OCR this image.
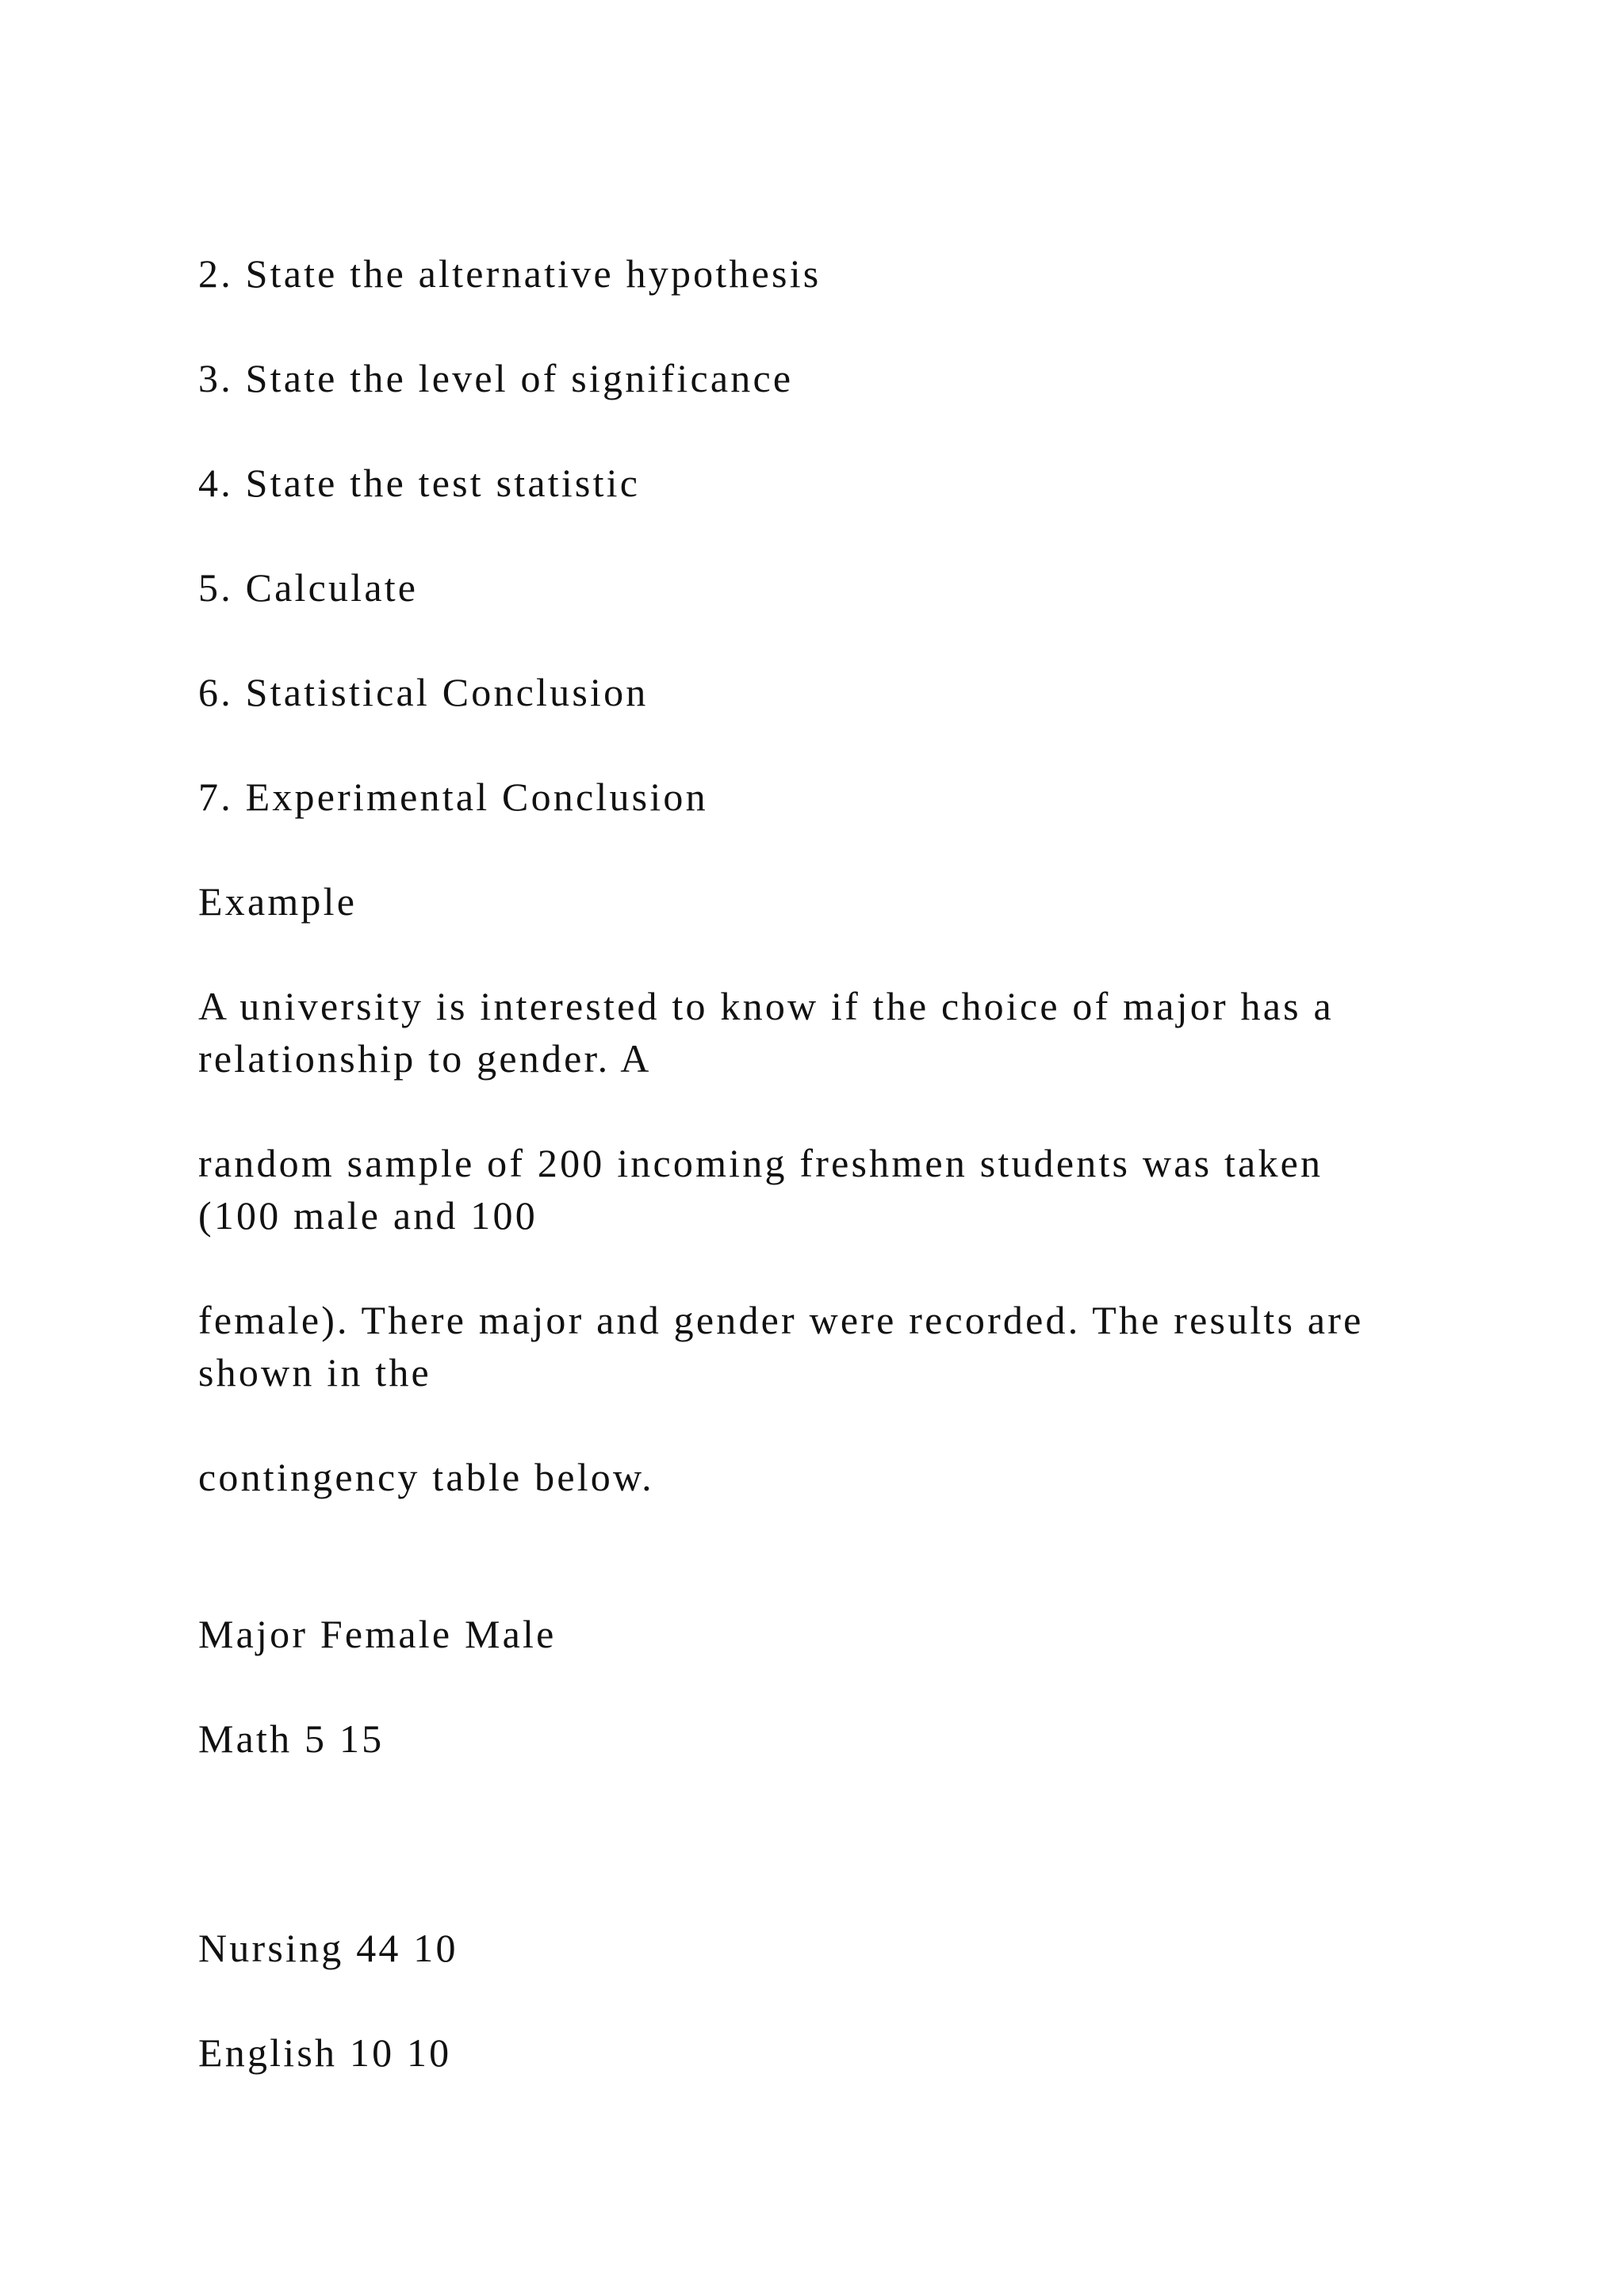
2. State the alternative hypothesis

3. State the level of significance

4. State the test statistic

5. Calculate

6. Statistical Conclusion

7. Experimental Conclusion

Example

A university is interested to know if the choice of major has a

relationship to gender. A

random sample of 200 incoming freshmen students was taken

(100 male and 100

female). There major and gender were recorded. The results are

shown in the

contingency table below.

Major Female Male

Math 5 15

Nursing 44 10

English 10 10
